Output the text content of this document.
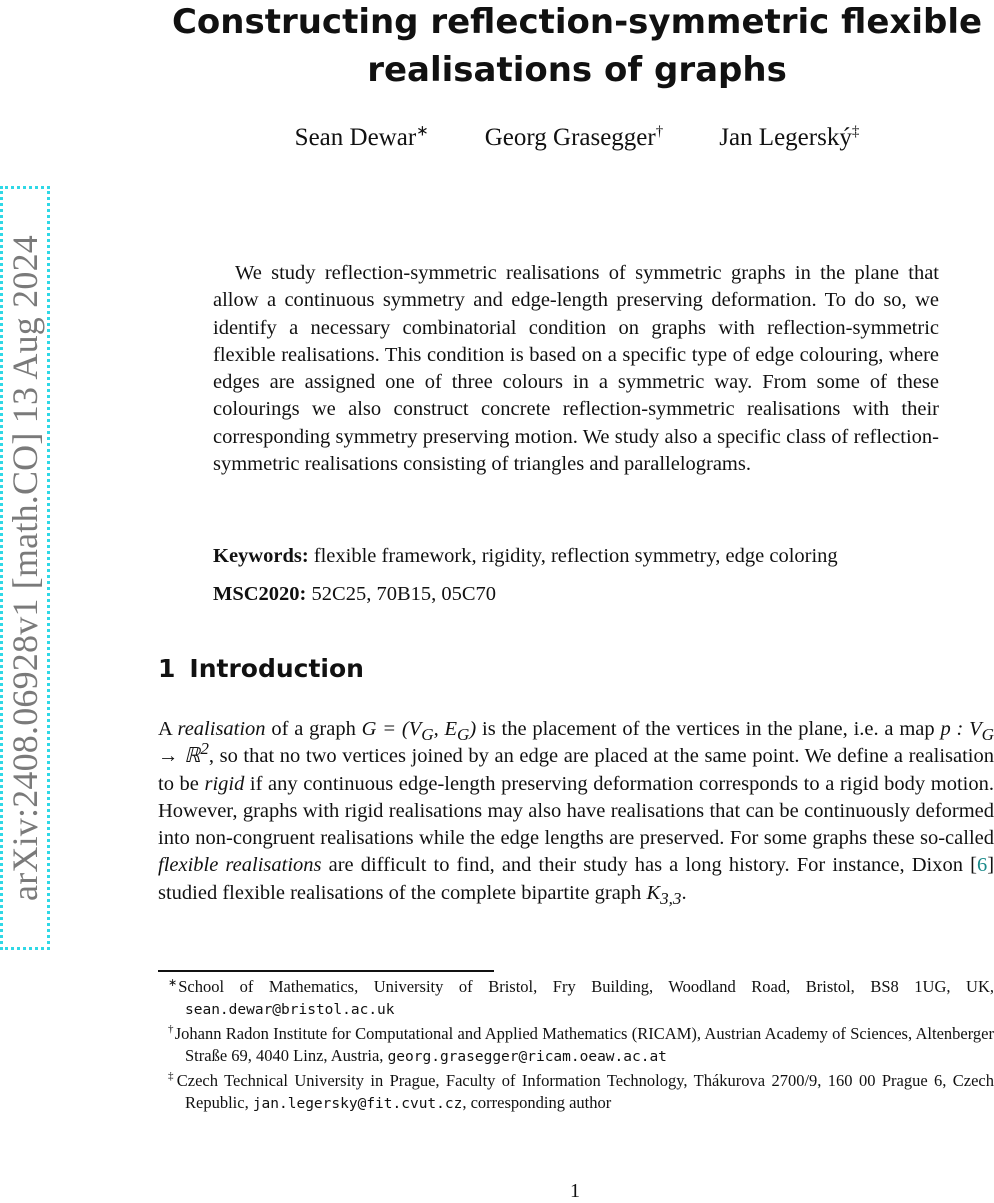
arXiv:2408.06928v1 [math.CO] 13 Aug 2024
Constructing reflection-symmetric flexible
realisations of graphs
Sean Dewar∗ Georg Grasegger† Jan Legerský‡

We study reflection-symmetric realisations of symmetric graphs in the plane that allow a continuous symmetry and edge-length preserving deformation. To do so, we identify a necessary combinatorial condition on graphs with reflection-symmetric flexible realisations. This condition is based on a specific type of edge colouring, where edges are assigned one of three colours in a symmetric way. From some of these colourings we also construct concrete reflection-symmetric realisations with their corresponding symmetry preserving motion. We study also a specific class of reflection-symmetric realisations consisting of triangles and parallelograms.

Keywords: flexible framework, rigidity, reflection symmetry, edge coloring
MSC2020: 52C25, 70B15, 05C70
1 Introduction

A realisation of a graph $G = (V_G$, $E_G$) is the placement of the vertices in the plane, i.e. a map p : $V_G$ → ℝ$^2$, so that no two vertices joined by an edge are placed at the same point. We define a realisation to be rigid if any continuous edge-length preserving deformation corresponds to a rigid body motion. However, graphs with rigid realisations may also have realisations that can be continuously deformed into non-congruent realisations while the edge lengths are preserved. For some graphs these so-called flexible realisations are difficult to find, and their study has a long history. For instance, Dixon [6] studied flexible realisations of the complete bipartite graph $K_{3,3}$.

∗School of Mathematics, University of Bristol, Fry Building, Woodland Road, Bristol, BS8 1UG, UK, sean.dewar@bristol.ac.uk

†Johann Radon Institute for Computational and Applied Mathematics (RICAM), Austrian Academy of Sciences, Altenberger Straße 69, 4040 Linz, Austria, georg.grasegger@ricam.oeaw.ac.at

‡Czech Technical University in Prague, Faculty of Information Technology, Thákurova 2700/9, 160 00 Prague 6, Czech Republic, jan.legersky@fit.cvut.cz, corresponding author

1
